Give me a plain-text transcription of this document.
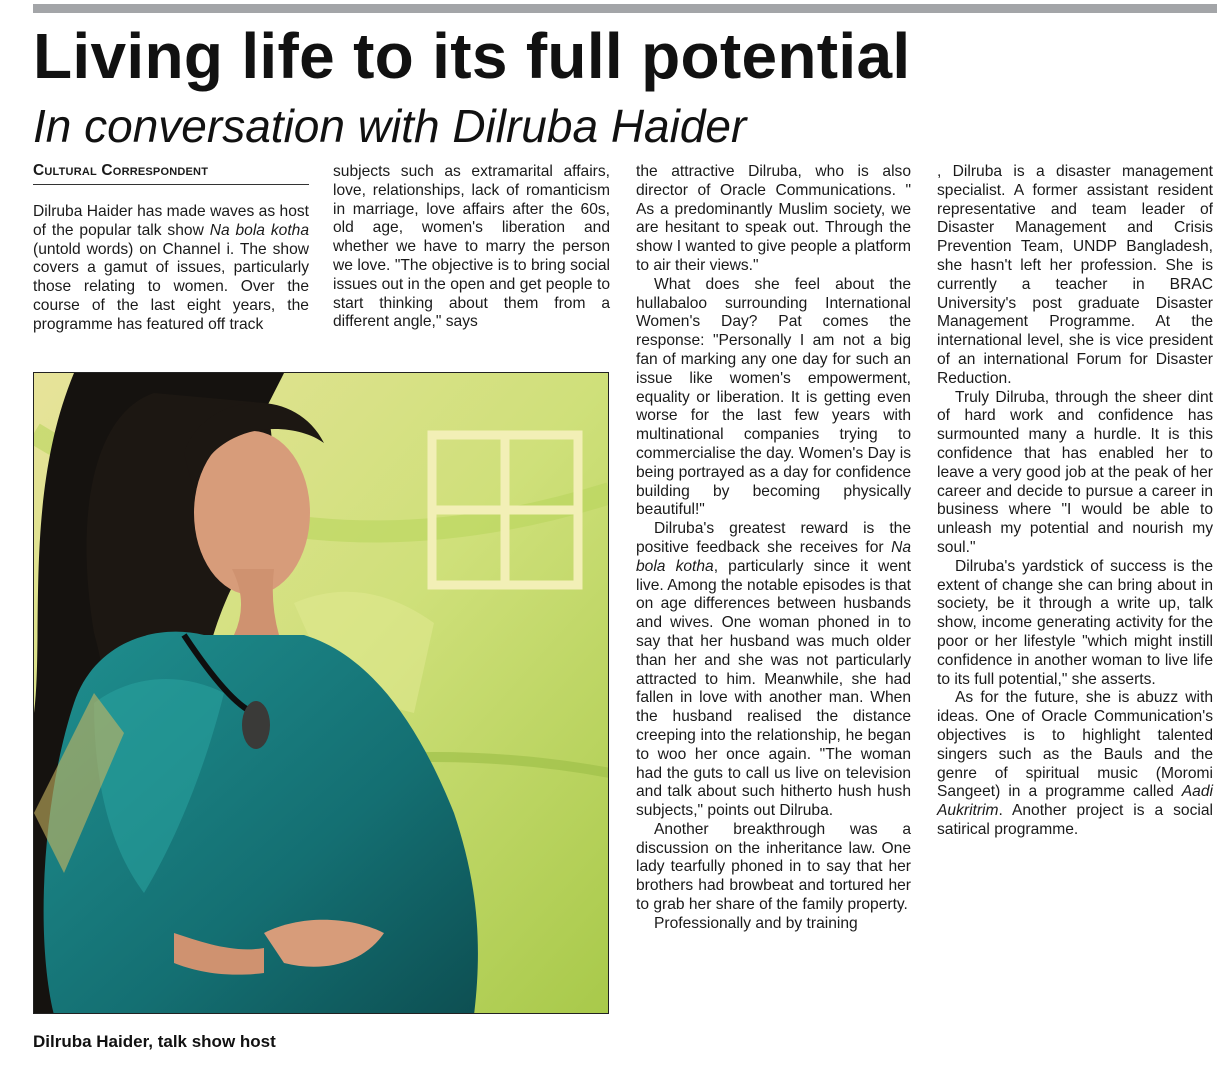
Living life to its full potential
In conversation with Dilruba Haider
Cultural Correspondent

Dilruba Haider has made waves as host of the popular talk show Na bola kotha (untold words) on Channel i. The show covers a gamut of issues, particularly those relating to women. Over the course of the last eight years, the programme has featured off track

subjects such as extramarital affairs, love, relationships, lack of romanticism in marriage, love affairs after the 60s, old age, women's liberation and whether we have to marry the person we love. "The objective is to bring social issues out in the open and get people to start thinking about them from a different angle," says

Dilruba Haider, talk show host

the attractive Dilruba, who is also director of Oracle Communications. " As a predominantly Muslim society, we are hesitant to speak out. Through the show I wanted to give people a platform to air their views."

What does she feel about the hullabaloo surrounding International Women's Day? Pat comes the response: "Personally I am not a big fan of marking any one day for such an issue like women's empowerment, equality or liberation. It is getting even worse for the last few years with multinational companies trying to commercialise the day. Women's Day is being portrayed as a day for confidence building by becoming physically beautiful!"

Dilruba's greatest reward is the positive feedback she receives for Na bola kotha, particularly since it went live. Among the notable episodes is that on age differences between husbands and wives. One woman phoned in to say that her husband was much older than her and she was not particularly attracted to him. Meanwhile, she had fallen in love with another man. When the husband realised the distance creeping into the relationship, he began to woo her once again. "The woman had the guts to call us live on television and talk about such hitherto hush hush subjects," points out Dilruba.

Another breakthrough was a discussion on the inheritance law. One lady tearfully phoned in to say that her brothers had browbeat and tortured her to grab her share of the family property.

Professionally and by training

, Dilruba is a disaster management specialist. A former assistant resident representative and team leader of Disaster Management and Crisis Prevention Team, UNDP Bangladesh, she hasn't left her profession. She is currently a teacher in BRAC University's post graduate Disaster Management Programme. At the international level, she is vice president of an international Forum for Disaster Reduction.

Truly Dilruba, through the sheer dint of hard work and confidence has surmounted many a hurdle. It is this confidence that has enabled her to leave a very good job at the peak of her career and decide to pursue a career in business where "I would be able to unleash my potential and nourish my soul."

Dilruba's yardstick of success is the extent of change she can bring about in society, be it through a write up, talk show, income generating activity for the poor or her lifestyle "which might instill confidence in another woman to live life to its full potential," she asserts.

As for the future, she is abuzz with ideas. One of Oracle Communication's objectives is to highlight talented singers such as the Bauls and the genre of spiritual music (Moromi Sangeet) in a programme called Aadi Aukritrim. Another project is a social satirical programme.
